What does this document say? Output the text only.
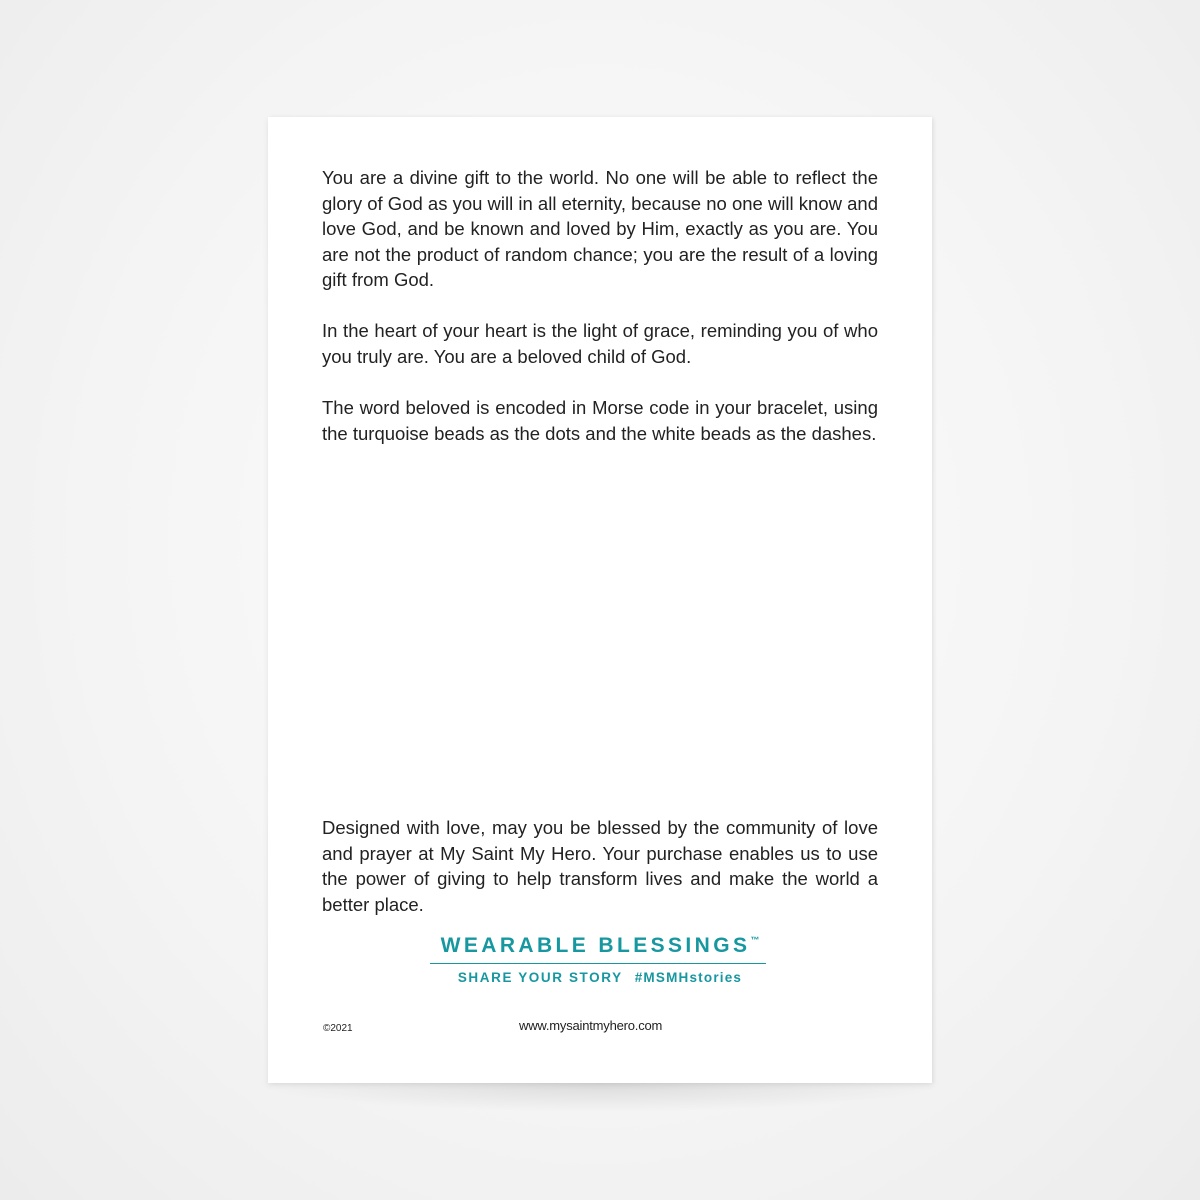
You are a divine gift to the world. No one will be able to reflect the glory of God as you will in all eternity, because no one will know and love God, and be known and loved by Him, exactly as you are. You are not the product of random chance; you are the result of a loving gift from God.

In the heart of your heart is the light of grace, reminding you of who you truly are. You are a beloved child of God.

The word beloved is encoded in Morse code in your bracelet, using the turquoise beads as the dots and the white beads as the dashes.

Designed with love, may you be blessed by the community of love and prayer at My Saint My Hero. Your purchase enables us to use the power of giving to help transform lives and make the world a better place.

WEARABLE BLESSINGS™
SHARE YOUR STORY #MSMHstories
©2021	www.mysaintmyhero.com
